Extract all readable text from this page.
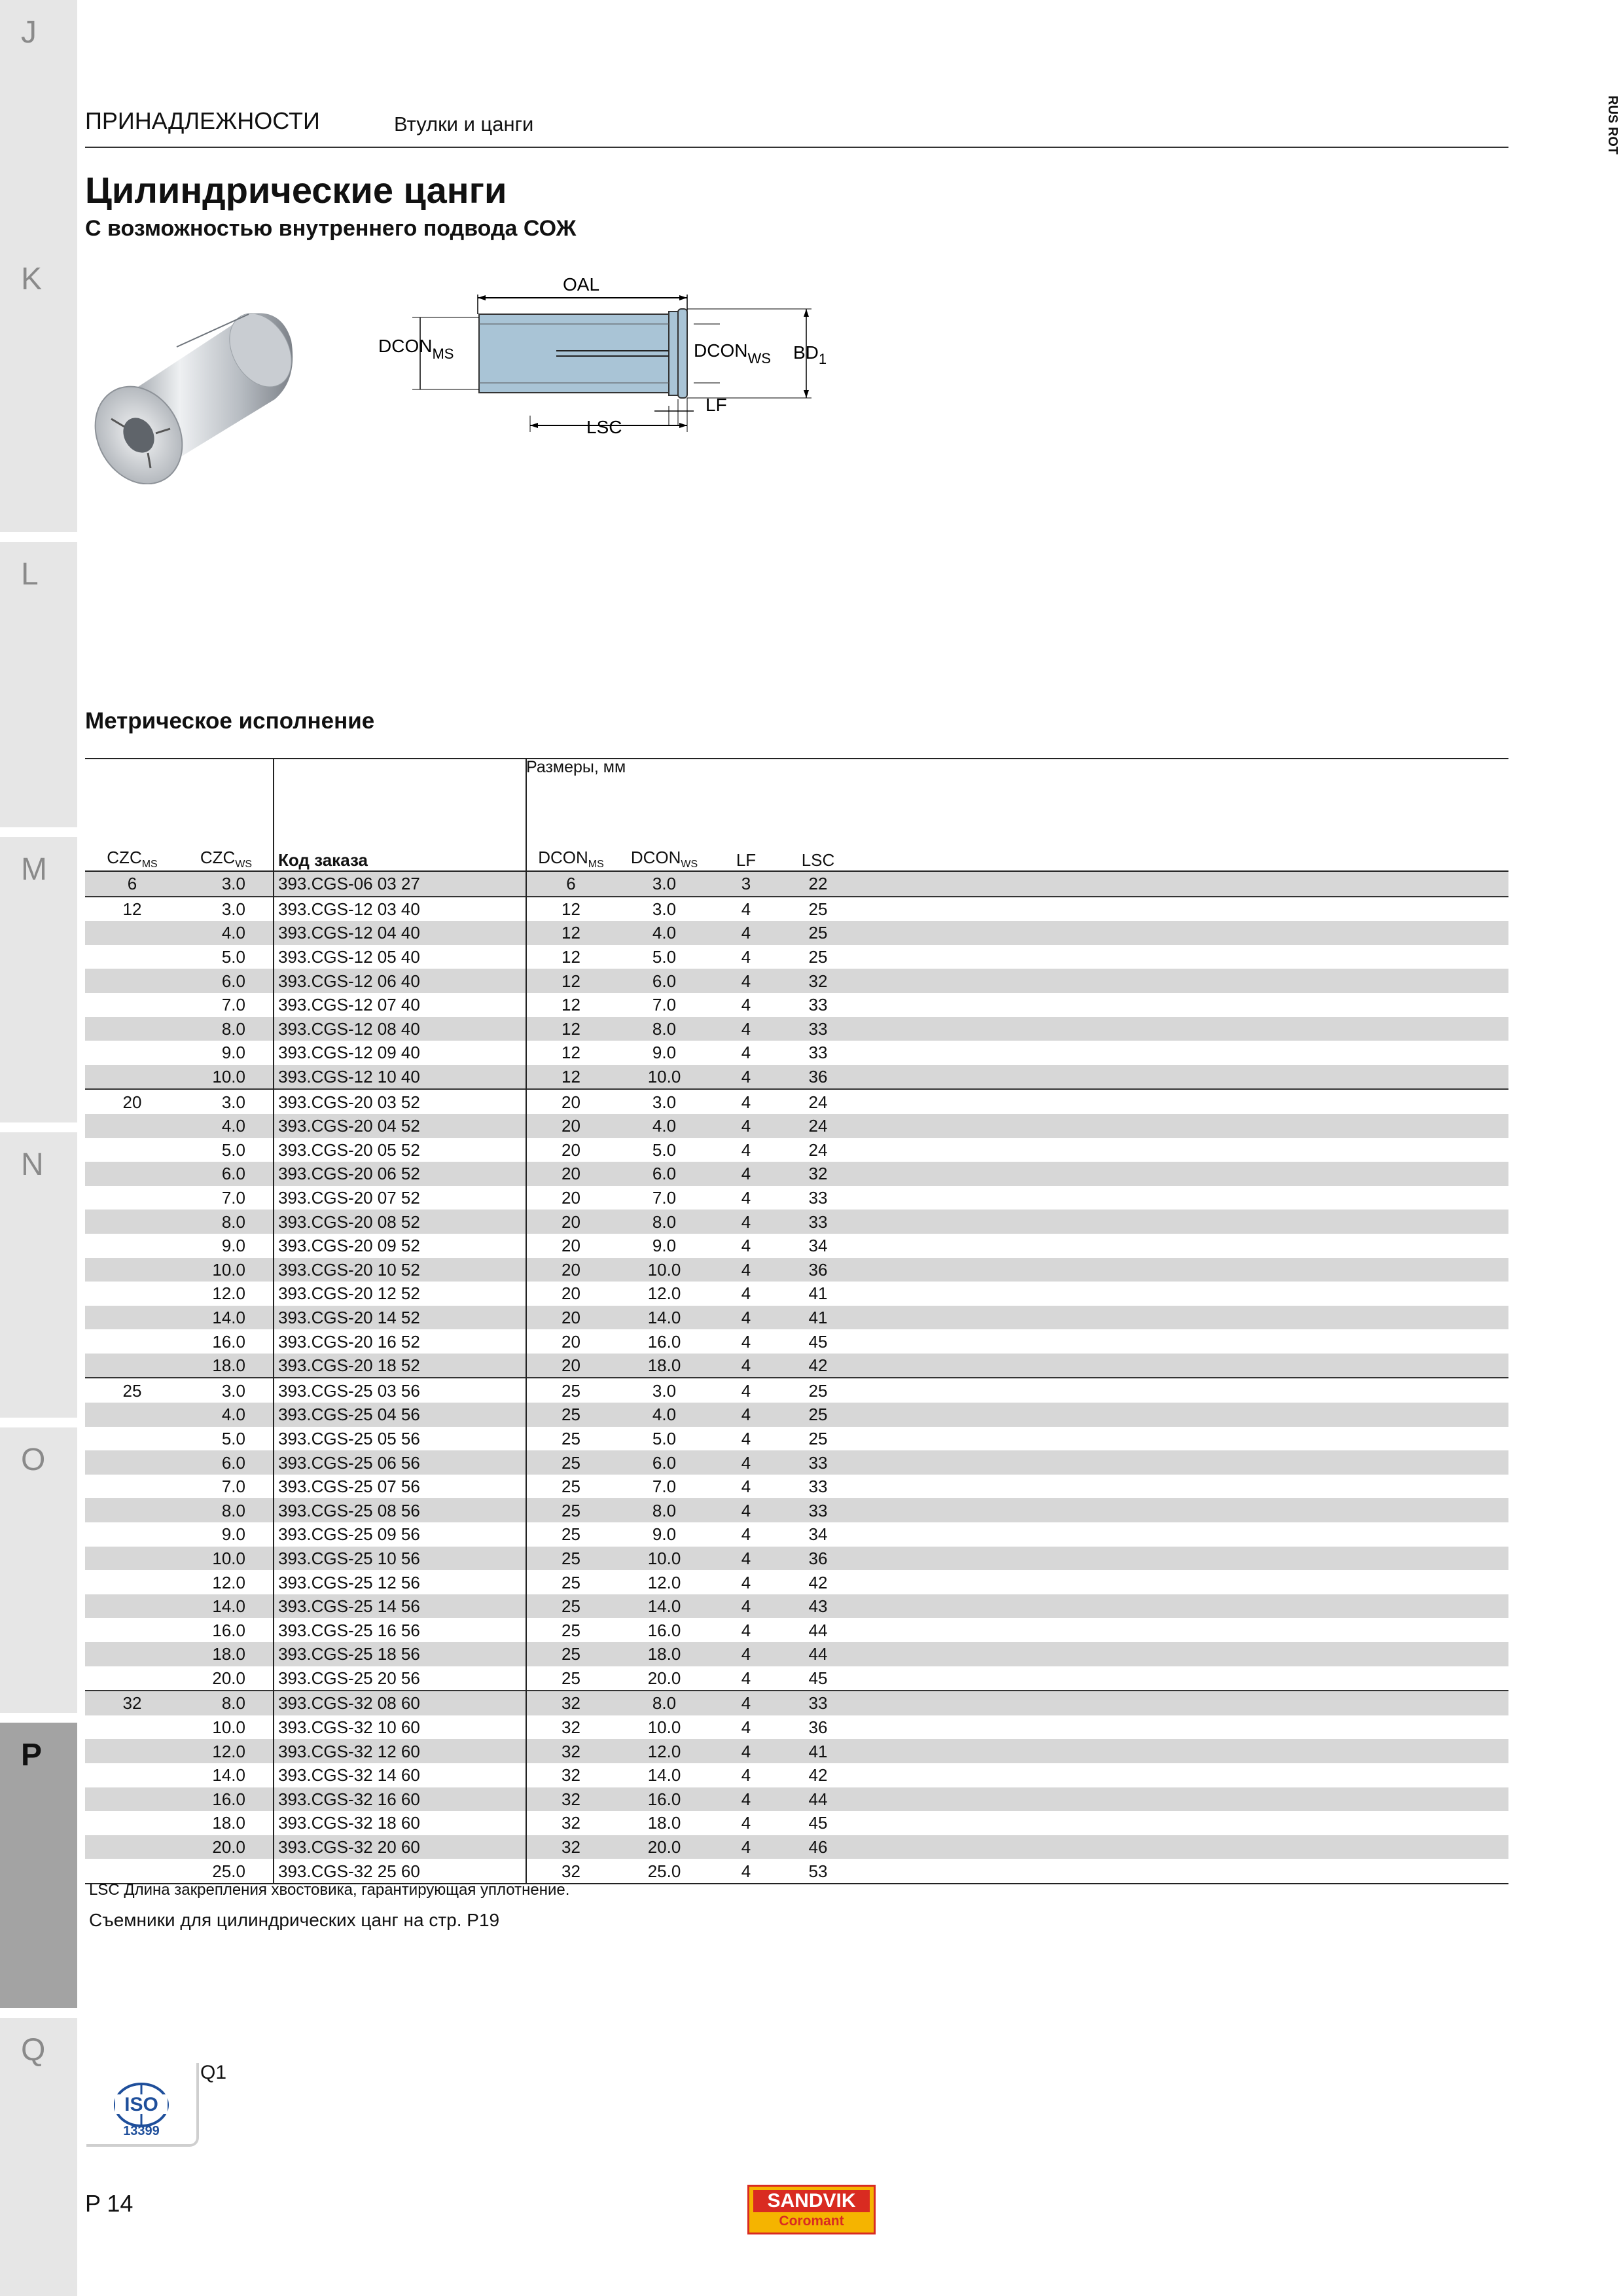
J
K
L
M
N
O
P
Q
ПРИНАДЛЕЖНОСТИ	Втулки и цанги	RUS ROT
Цилиндрические цанги
С возможностью внутреннего подвода СОЖ
OAL
$DCON_{MS}$	$DCON_{WS}$ $BD_1$
LF
LSC
Метрическое исполнение
$CZC_{MS}$	$CZC_{WS}$	Код заказа	$DCON_{MS}$	$DCON_{WS}$	LF	LSC	
6	3.0	393.CGS-06 03 27	6	3.0	3	22	
12	3.0	393.CGS-12 03 40	12	3.0	4	25	
	4.0	393.CGS-12 04 40	12	4.0	4	25	
	5.0	393.CGS-12 05 40	12	5.0	4	25	
	6.0	393.CGS-12 06 40	12	6.0	4	32	
	7.0	393.CGS-12 07 40	12	7.0	4	33	
	8.0	393.CGS-12 08 40	12	8.0	4	33	
	9.0	393.CGS-12 09 40	12	9.0	4	33	
	10.0	393.CGS-12 10 40	12	10.0	4	36	
20	3.0	393.CGS-20 03 52	20	3.0	4	24	
	4.0	393.CGS-20 04 52	20	4.0	4	24	
	5.0	393.CGS-20 05 52	20	5.0	4	24	
	6.0	393.CGS-20 06 52	20	6.0	4	32	
	7.0	393.CGS-20 07 52	20	7.0	4	33	
	8.0	393.CGS-20 08 52	20	8.0	4	33	
	9.0	393.CGS-20 09 52	20	9.0	4	34	
	10.0	393.CGS-20 10 52	20	10.0	4	36	
	12.0	393.CGS-20 12 52	20	12.0	4	41	
	14.0	393.CGS-20 14 52	20	14.0	4	41	
	16.0	393.CGS-20 16 52	20	16.0	4	45	
	18.0	393.CGS-20 18 52	20	18.0	4	42	
25	3.0	393.CGS-25 03 56	25	3.0	4	25	
	4.0	393.CGS-25 04 56	25	4.0	4	25	
	5.0	393.CGS-25 05 56	25	5.0	4	25	
	6.0	393.CGS-25 06 56	25	6.0	4	33	
	7.0	393.CGS-25 07 56	25	7.0	4	33	
	8.0	393.CGS-25 08 56	25	8.0	4	33	
	9.0	393.CGS-25 09 56	25	9.0	4	34	
	10.0	393.CGS-25 10 56	25	10.0	4	36	
	12.0	393.CGS-25 12 56	25	12.0	4	42	
	14.0	393.CGS-25 14 56	25	14.0	4	43	
	16.0	393.CGS-25 16 56	25	16.0	4	44	
	18.0	393.CGS-25 18 56	25	18.0	4	44	
	20.0	393.CGS-25 20 56	25	20.0	4	45	
32	8.0	393.CGS-32 08 60	32	8.0	4	33	
	10.0	393.CGS-32 10 60	32	10.0	4	36	
	12.0	393.CGS-32 12 60	32	12.0	4	41	
	14.0	393.CGS-32 14 60	32	14.0	4	42	
	16.0	393.CGS-32 16 60	32	16.0	4	44	
	18.0	393.CGS-32 18 60	32	18.0	4	45	
	20.0	393.CGS-32 20 60	32	20.0	4	46	
	25.0	393.CGS-32 25 60	32	25.0	4	53	
Размеры, мм
LSC Длина закрепления хвостовика, гарантирующая уплотнение.
Съемники для цилиндрических цанг на стр. P19
ISO
13399
Q1
P 14	SANDVIK
Coromant
